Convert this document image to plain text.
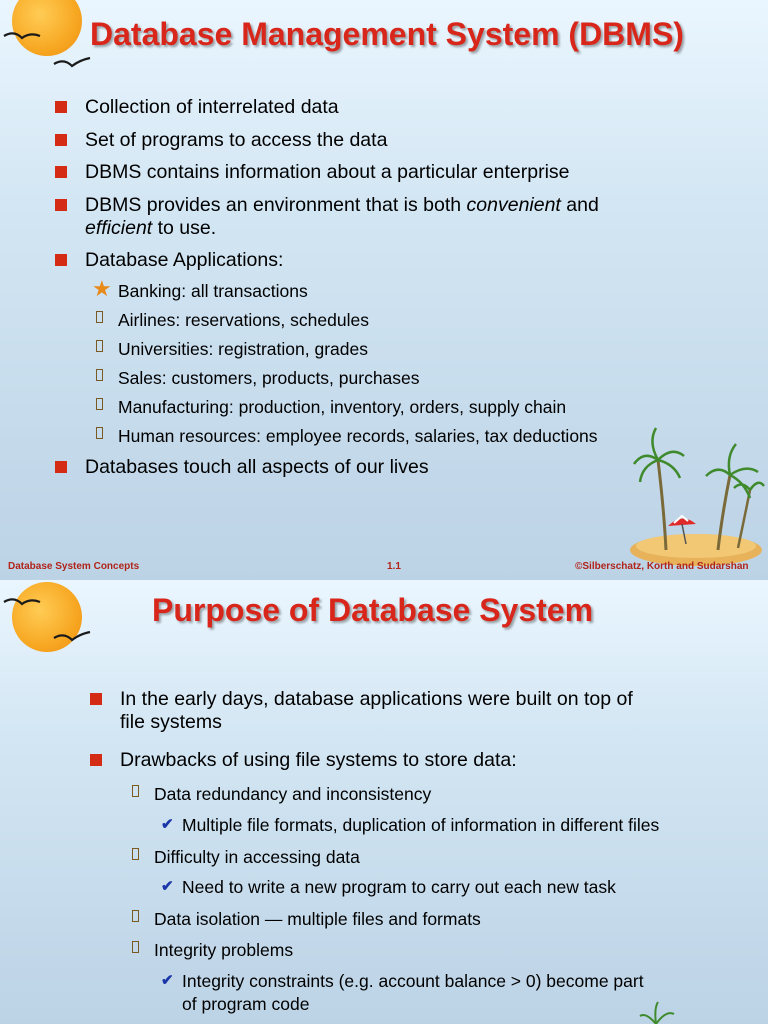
Database Management System (DBMS)
Collection of interrelated data
Set of programs to access the data
DBMS contains information about a particular enterprise
DBMS provides an environment that is both convenient and
efficient to use.
Database Applications:
★ Banking: all transactions
Airlines: reservations, schedules
Universities: registration, grades
Sales: customers, products, purchases
Manufacturing: production, inventory, orders, supply chain
Human resources: employee records, salaries, tax deductions
Databases touch all aspects of our lives
Database System Concepts	1.1	©Silberschatz, Korth and Sudarshan
Purpose of Database System
In the early days, database applications were built on top of
file systems
Drawbacks of using file systems to store data:
Data redundancy and inconsistency
✔ Multiple file formats, duplication of information in different files
Difficulty in accessing data
✔ Need to write a new program to carry out each new task
Data isolation — multiple files and formats
Integrity problems
✔ Integrity constraints (e.g. account balance > 0) become part
of program code
